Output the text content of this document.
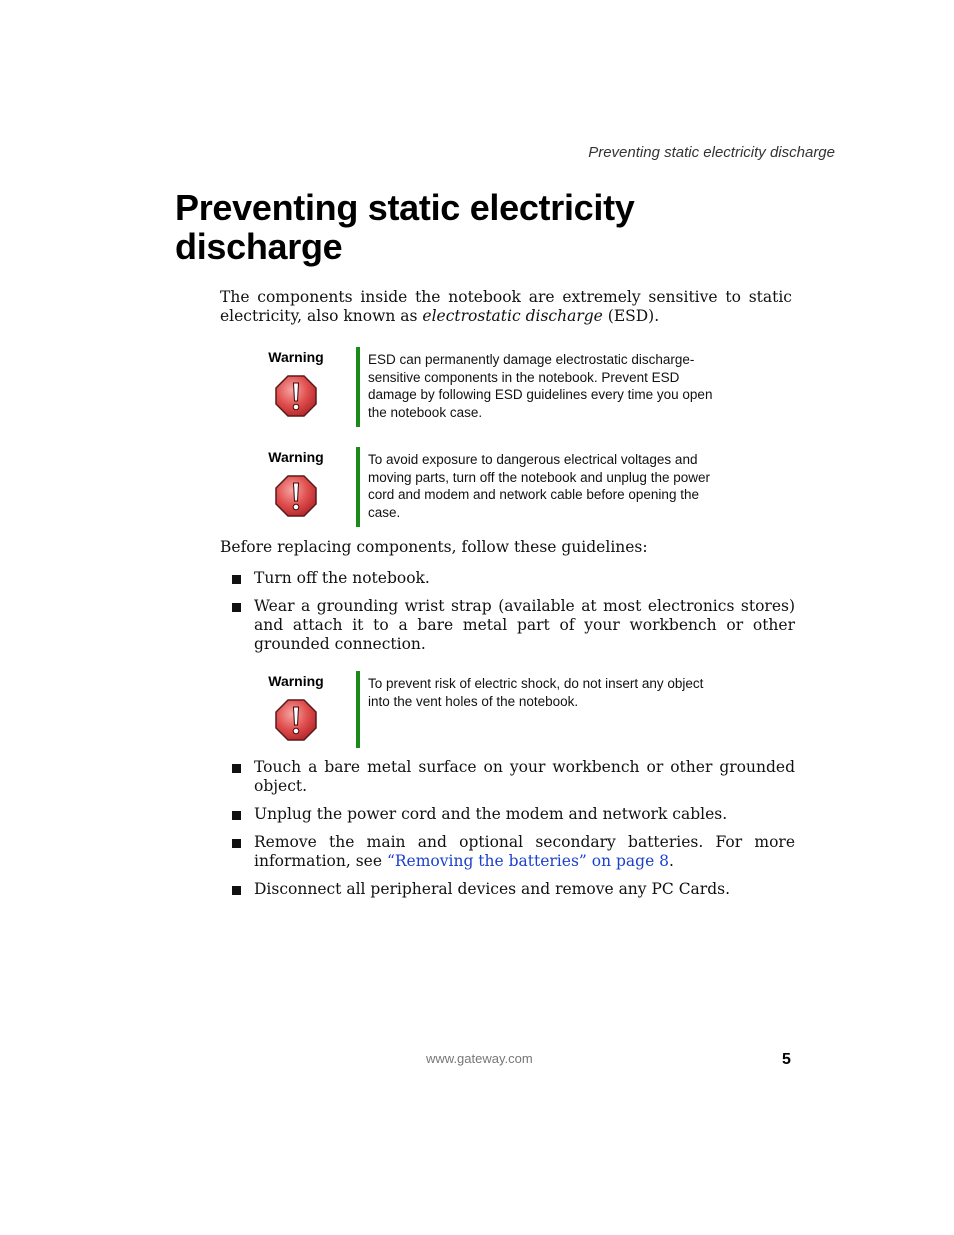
Preventing static electricity discharge
Preventing static electricity discharge

The components inside the notebook are extremely sensitive to static electricity, also known as electrostatic discharge (ESD).

Warning	ESD can permanently damage electrostatic discharge-sensitive components in the notebook. Prevent ESD damage by following ESD guidelines every time you open the notebook case.

Warning	To avoid exposure to dangerous electrical voltages and moving parts, turn off the notebook and unplug the power cord and modem and network cable before opening the case.

Before replacing components, follow these guidelines:

Turn off the notebook.
Wear a grounding wrist strap (available at most electronics stores) and attach it to a bare metal part of your workbench or other grounded connection.
Warning	To prevent risk of electric shock, do not insert any object into the vent holes of the notebook.

Touch a bare metal surface on your workbench or other grounded object.
Unplug the power cord and the modem and network cables.
Remove the main and optional secondary batteries. For more information, see “Removing the batteries” on page 8.
Disconnect all peripheral devices and remove any PC Cards.
www.gateway.com	5
